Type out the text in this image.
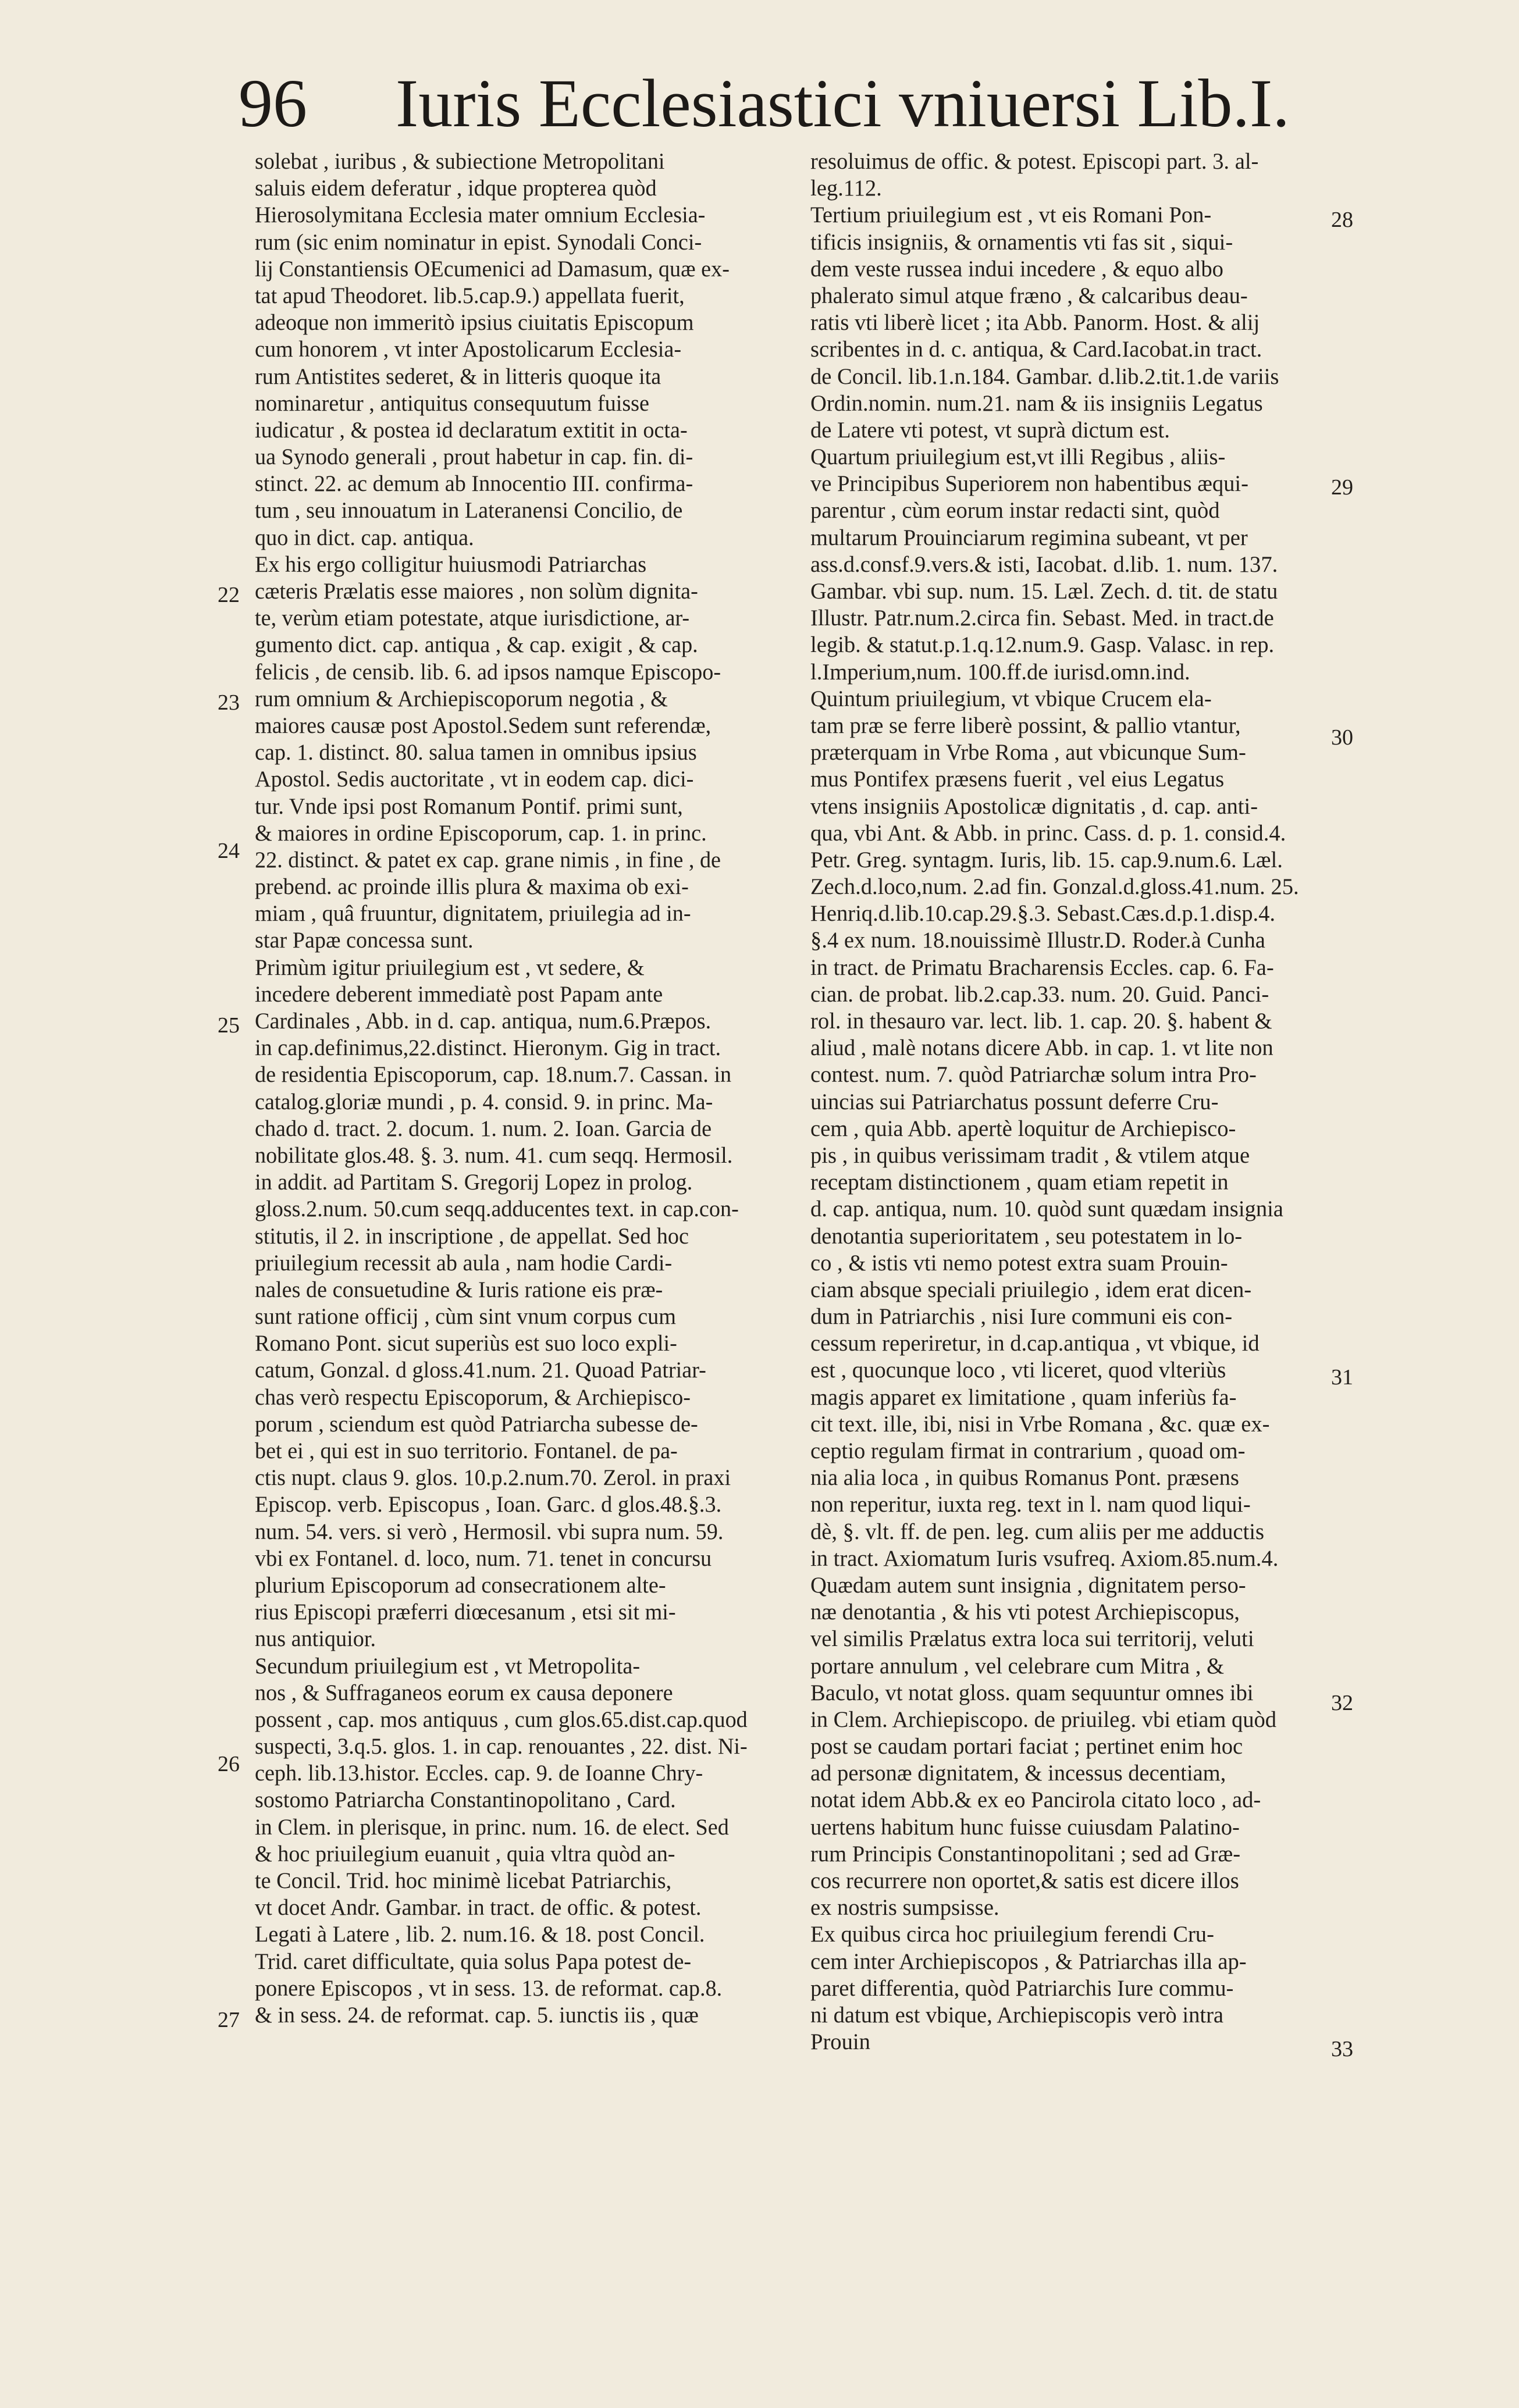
96 Iuris Ecclesiastici vniuersi Lib.I.
solebat , iuribus , & subiectione Metropolitani
saluis eidem deferatur , idque propterea quòd
Hierosolymitana Ecclesia mater omnium Ecclesia-
rum (sic enim nominatur in epist. Synodali Conci-
lij Constantiensis OEcumenici ad Damasum, quæ ex-
tat apud Theodoret. lib.5.cap.9.) appellata fuerit,
adeoque non immeritò ipsius ciuitatis Episcopum
cum honorem , vt inter Apostolicarum Ecclesia-
rum Antistites sederet, & in litteris quoque ita
nominaretur , antiquitus consequutum fuisse
iudicatur , & postea id declaratum extitit in octa-
ua Synodo generali , prout habetur in cap. fin. di-
stinct. 22. ac demum ab Innocentio III. confirma-
tum , seu innouatum in Lateranensi Concilio, de
quo in dict. cap. antiqua.
Ex his ergo colligitur huiusmodi Patriarchas
cæteris Prælatis esse maiores , non solùm dignita-
te, verùm etiam potestate, atque iurisdictione, ar-
gumento dict. cap. antiqua , & cap. exigit , & cap.
felicis , de censib. lib. 6. ad ipsos namque Episcopo-
rum omnium & Archiepiscoporum negotia , &
maiores causæ post Apostol.Sedem sunt referendæ,
cap. 1. distinct. 80. salua tamen in omnibus ipsius
Apostol. Sedis auctoritate , vt in eodem cap. dici-
tur. Vnde ipsi post Romanum Pontif. primi sunt,
& maiores in ordine Episcoporum, cap. 1. in princ.
22. distinct. & patet ex cap. grane nimis , in fine , de
prebend. ac proinde illis plura & maxima ob exi-
miam , quâ fruuntur, dignitatem, priuilegia ad in-
star Papæ concessa sunt.
Primùm igitur priuilegium est , vt sedere, &
incedere deberent immediatè post Papam ante
Cardinales , Abb. in d. cap. antiqua, num.6.Præpos.
in cap.definimus,22.distinct. Hieronym. Gig in tract.
de residentia Episcoporum, cap. 18.num.7. Cassan. in
catalog.gloriæ mundi , p. 4. consid. 9. in princ. Ma-
chado d. tract. 2. docum. 1. num. 2. Ioan. Garcia de
nobilitate glos.48. §. 3. num. 41. cum seqq. Hermosil.
in addit. ad Partitam S. Gregorij Lopez in prolog.
gloss.2.num. 50.cum seqq.adducentes text. in cap.con-
stitutis, il 2. in inscriptione , de appellat. Sed hoc
priuilegium recessit ab aula , nam hodie Cardi-
nales de consuetudine & Iuris ratione eis præ-
sunt ratione officij , cùm sint vnum corpus cum
Romano Pont. sicut superiùs est suo loco expli-
catum, Gonzal. d gloss.41.num. 21. Quoad Patriar-
chas verò respectu Episcoporum, & Archiepisco-
porum , sciendum est quòd Patriarcha subesse de-
bet ei , qui est in suo territorio. Fontanel. de pa-
ctis nupt. claus 9. glos. 10.p.2.num.70. Zerol. in praxi
Episcop. verb. Episcopus , Ioan. Garc. d glos.48.§.3.
num. 54. vers. si verò , Hermosil. vbi supra num. 59.
vbi ex Fontanel. d. loco, num. 71. tenet in concursu
plurium Episcoporum ad consecrationem alte-
rius Episcopi præferri diœcesanum , etsi sit mi-
nus antiquior.
Secundum priuilegium est , vt Metropolita-
nos , & Suffraganeos eorum ex causa deponere
possent , cap. mos antiquus , cum glos.65.dist.cap.quod
suspecti, 3.q.5. glos. 1. in cap. renouantes , 22. dist. Ni-
ceph. lib.13.histor. Eccles. cap. 9. de Ioanne Chry-
sostomo Patriarcha Constantinopolitano , Card.
in Clem. in plerisque, in princ. num. 16. de elect. Sed
& hoc priuilegium euanuit , quia vltra quòd an-
te Concil. Trid. hoc minimè licebat Patriarchis,
vt docet Andr. Gambar. in tract. de offic. & potest.
Legati à Latere , lib. 2. num.16. & 18. post Concil.
Trid. caret difficultate, quia solus Papa potest de-
ponere Episcopos , vt in sess. 13. de reformat. cap.8.
& in sess. 24. de reformat. cap. 5. iunctis iis , quæ
resoluimus de offic. & potest. Episcopi part. 3. al-
leg.112.
Tertium priuilegium est , vt eis Romani Pon-
tificis insigniis, & ornamentis vti fas sit , siqui-
dem veste russea indui incedere , & equo albo
phalerato simul atque fræno , & calcaribus deau-
ratis vti liberè licet ; ita Abb. Panorm. Host. & alij
scribentes in d. c. antiqua, & Card.Iacobat.in tract.
de Concil. lib.1.n.184. Gambar. d.lib.2.tit.1.de variis
Ordin.nomin. num.21. nam & iis insigniis Legatus
de Latere vti potest, vt suprà dictum est.
Quartum priuilegium est,vt illi Regibus , aliis-
ve Principibus Superiorem non habentibus æqui-
parentur , cùm eorum instar redacti sint, quòd
multarum Prouinciarum regimina subeant, vt per
ass.d.consf.9.vers.& isti, Iacobat. d.lib. 1. num. 137.
Gambar. vbi sup. num. 15. Læl. Zech. d. tit. de statu
Illustr. Patr.num.2.circa fin. Sebast. Med. in tract.de
legib. & statut.p.1.q.12.num.9. Gasp. Valasc. in rep.
l.Imperium,num. 100.ff.de iurisd.omn.ind.
Quintum priuilegium, vt vbique Crucem ela-
tam præ se ferre liberè possint, & pallio vtantur,
præterquam in Vrbe Roma , aut vbicunque Sum-
mus Pontifex præsens fuerit , vel eius Legatus
vtens insigniis Apostolicæ dignitatis , d. cap. anti-
qua, vbi Ant. & Abb. in princ. Cass. d. p. 1. consid.4.
Petr. Greg. syntagm. Iuris, lib. 15. cap.9.num.6. Læl.
Zech.d.loco,num. 2.ad fin. Gonzal.d.gloss.41.num. 25.
Henriq.d.lib.10.cap.29.§.3. Sebast.Cæs.d.p.1.disp.4.
§.4 ex num. 18.nouissimè Illustr.D. Roder.à Cunha
in tract. de Primatu Bracharensis Eccles. cap. 6. Fa-
cian. de probat. lib.2.cap.33. num. 20. Guid. Panci-
rol. in thesauro var. lect. lib. 1. cap. 20. §. habent &
aliud , malè notans dicere Abb. in cap. 1. vt lite non
contest. num. 7. quòd Patriarchæ solum intra Pro-
uincias sui Patriarchatus possunt deferre Cru-
cem , quia Abb. apertè loquitur de Archiepisco-
pis , in quibus verissimam tradit , & vtilem atque
receptam distinctionem , quam etiam repetit in
d. cap. antiqua, num. 10. quòd sunt quædam insignia
denotantia superioritatem , seu potestatem in lo-
co , & istis vti nemo potest extra suam Prouin-
ciam absque speciali priuilegio , idem erat dicen-
dum in Patriarchis , nisi Iure communi eis con-
cessum reperiretur, in d.cap.antiqua , vt vbique, id
est , quocunque loco , vti liceret, quod vlteriùs
magis apparet ex limitatione , quam inferiùs fa-
cit text. ille, ibi, nisi in Vrbe Romana , &c. quæ ex-
ceptio regulam firmat in contrarium , quoad om-
nia alia loca , in quibus Romanus Pont. præsens
non reperitur, iuxta reg. text in l. nam quod liqui-
dè, §. vlt. ff. de pen. leg. cum aliis per me adductis
in tract. Axiomatum Iuris vsufreq. Axiom.85.num.4.
Quædam autem sunt insignia , dignitatem perso-
næ denotantia , & his vti potest Archiepiscopus,
vel similis Prælatus extra loca sui territorij, veluti
portare annulum , vel celebrare cum Mitra , &
Baculo, vt notat gloss. quam sequuntur omnes ibi
in Clem. Archiepiscopo. de priuileg. vbi etiam quòd
post se caudam portari faciat ; pertinet enim hoc
ad personæ dignitatem, & incessus decentiam,
notat idem Abb.& ex eo Pancirola citato loco , ad-
uertens habitum hunc fuisse cuiusdam Palatino-
rum Principis Constantinopolitani ; sed ad Græ-
cos recurrere non oportet,& satis est dicere illos
ex nostris sumpsisse.
Ex quibus circa hoc priuilegium ferendi Cru-
cem inter Archiepiscopos , & Patriarchas illa ap-
paret differentia, quòd Patriarchis Iure commu-
ni datum est vbique, Archiepiscopis verò intra
Prouin
22
23
24
25
26
27
28
29
30
31
32
33
